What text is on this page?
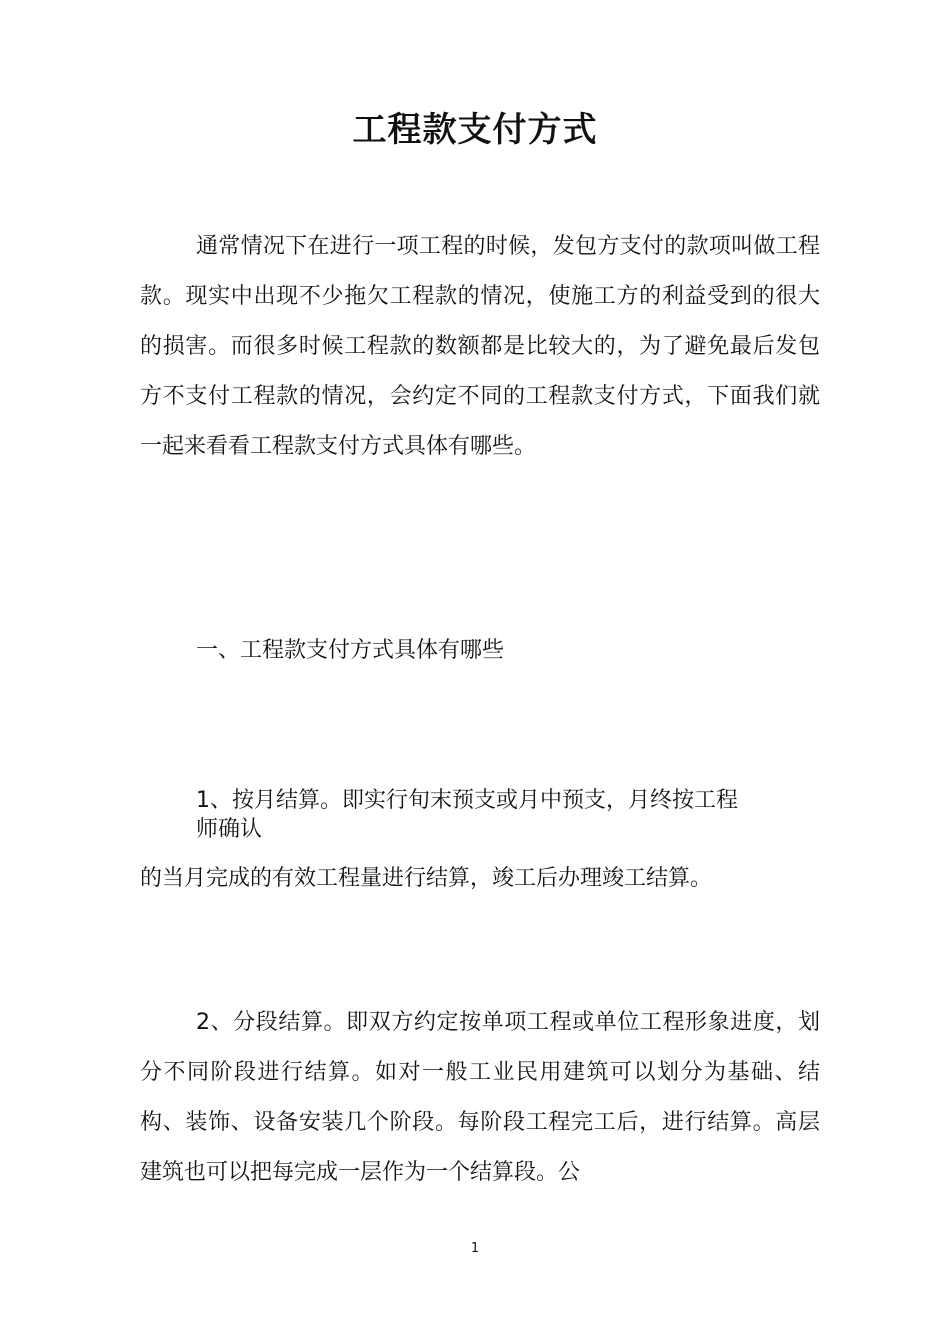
工程款支付方式

通常情况下在进行一项工程的时候，发包方支付的款项叫做工程款。现实中出现不少拖欠工程款的情况，使施工方的利益受到的很大的损害。而很多时候工程款的数额都是比较大的，为了避免最后发包方不支付工程款的情况，会约定不同的工程款支付方式，下面我们就一起来看看工程款支付方式具体有哪些。

一、工程款支付方式具体有哪些

1、按月结算。即实行旬末预支或月中预支，月终按工程

师确认

的当月完成的有效工程量进行结算，竣工后办理竣工结算。

2、分段结算。即双方约定按单项工程或单位工程形象进度，划分不同阶段进行结算。如对一般工业民用建筑可以划分为基础、结构、装饰、设备安装几个阶段。每阶段工程完工后，进行结算。高层建筑也可以把每完成一层作为一个结算段。公

1
